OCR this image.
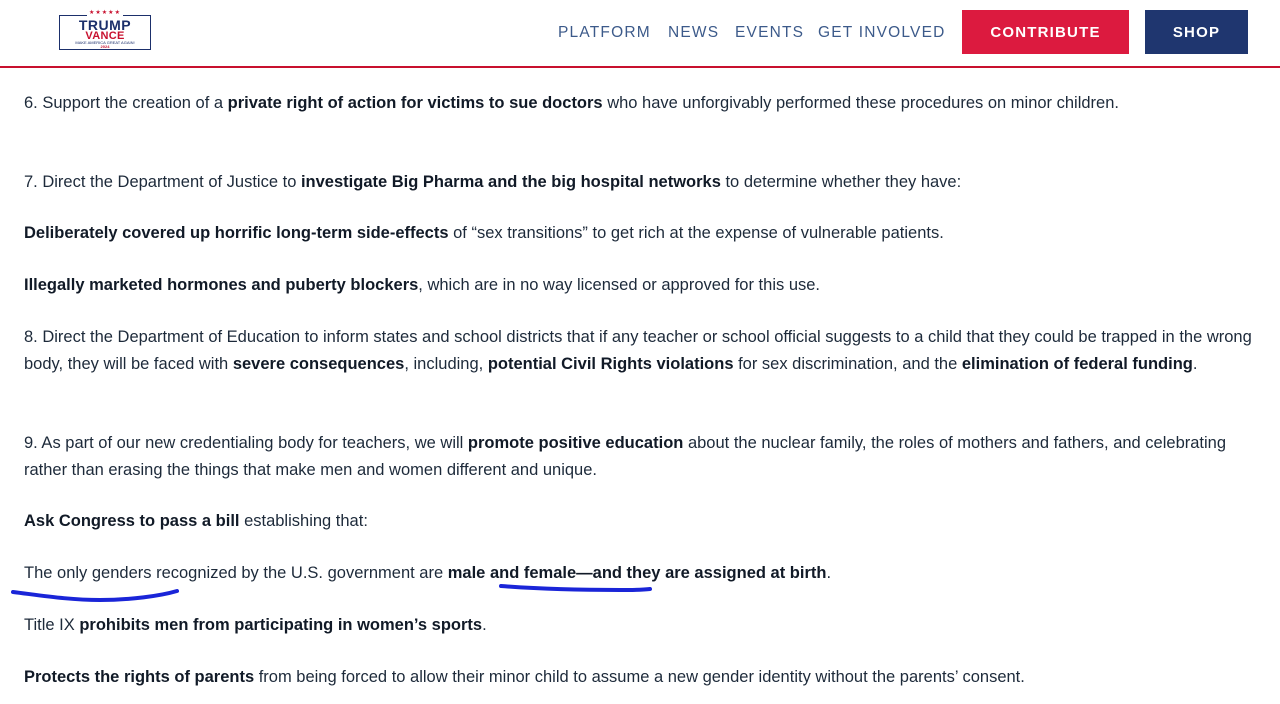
★★★★★
TRUMP
VANCE
MAKE AMERICA GREAT AGAIN!
2024
PLATFORM NEWS EVENTS GET INVOLVED	CONTRIBUTE	SHOP

6. Support the creation of a private right of action for victims to sue doctors who have unforgivably performed these procedures on minor children.

7. Direct the Department of Justice to investigate Big Pharma and the big hospital networks to determine whether they have:

Deliberately covered up horrific long-term side-effects of “sex transitions” to get rich at the expense of vulnerable patients.

Illegally marketed hormones and puberty blockers, which are in no way licensed or approved for this use.

8. Direct the Department of Education to inform states and school districts that if any teacher or school official suggests to a child that they could be trapped in the wrong body, they will be faced with severe consequences, including, potential Civil Rights violations for sex discrimination, and the elimination of federal funding.

9. As part of our new credentialing body for teachers, we will promote positive education about the nuclear family, the roles of mothers and fathers, and celebrating rather than erasing the things that make men and women different and unique.

Ask Congress to pass a bill establishing that:

The only genders recognized by the U.S. government are male and female—and they are assigned at birth.

Title IX prohibits men from participating in women’s sports.

Protects the rights of parents from being forced to allow their minor child to assume a new gender identity without the parents’ consent.
